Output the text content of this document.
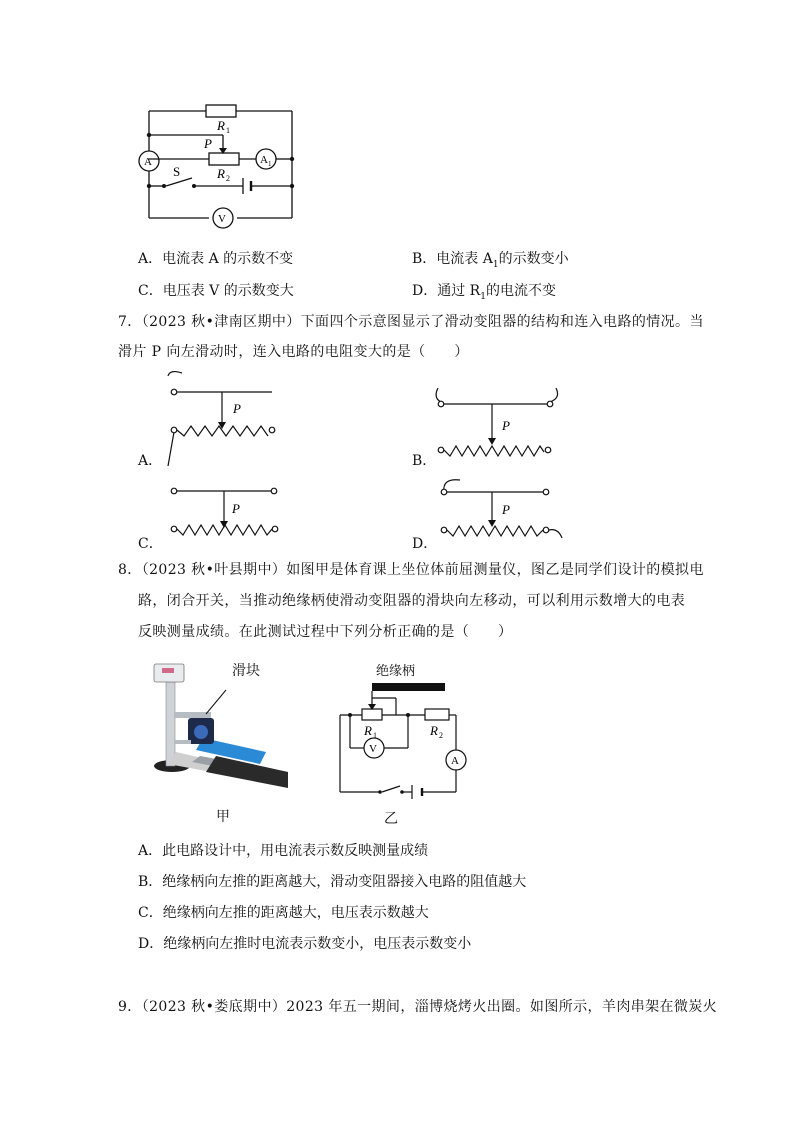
R 1
P
R 2
S
A	A 1
V
A．电流表 A 的示数不变	B．电流表 $A_1$的示数变小
C．电压表 V 的示数变大	D．通过 $R_1$的电流不变
7．（2023 秋•津南区期中）下面四个示意图显示了滑动变阻器的结构和连入电路的情况。当
滑片 P 向左滑动时，连入电路的电阻变大的是（　　）
P
A．
P
B．
P
C．
P
D．
8．（2023 秋•叶县期中）如图甲是体育课上坐位体前屈测量仪，图乙是同学们设计的模拟电
路，闭合开关，当推动绝缘柄使滑动变阻器的滑块向左移动，可以利用示数增大的电表
反映测量成绩。在此测试过程中下列分析正确的是（　　）
滑块
甲
R 1	R 2
V
A
绝缘柄
乙
A．此电路设计中，用电流表示数反映测量成绩
B．绝缘柄向左推的距离越大，滑动变阻器接入电路的阻值越大
C．绝缘柄向左推的距离越大，电压表示数越大
D．绝缘柄向左推时电流表示数变小，电压表示数变小
9．（2023 秋•娄底期中）2023 年五一期间，淄博烧烤火出圈。如图所示，羊肉串架在微炭火
